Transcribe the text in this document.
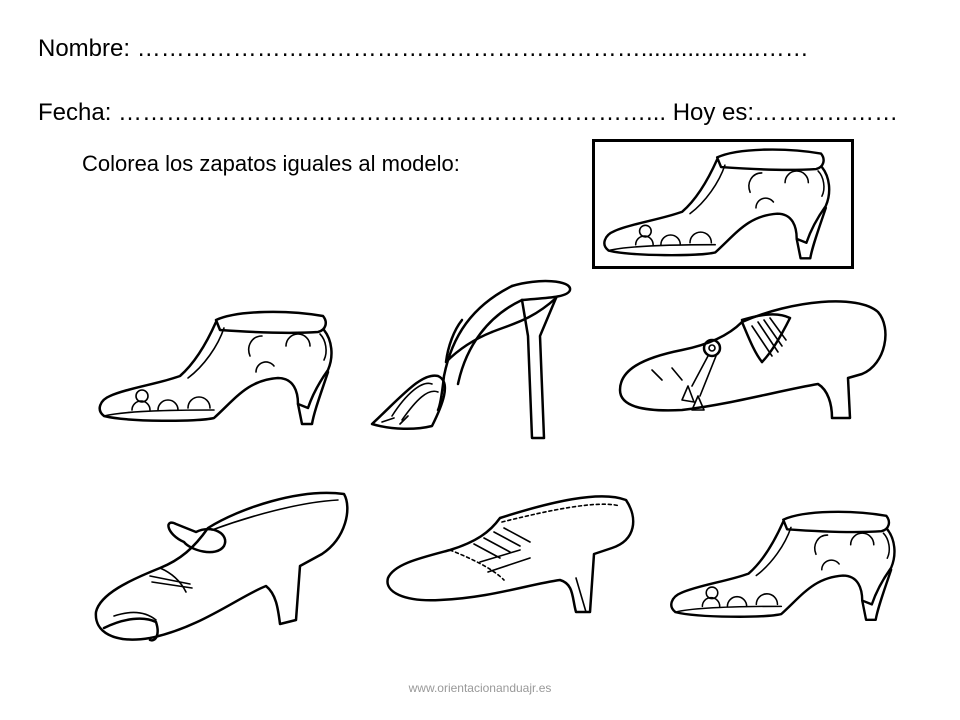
Nombre: ………………………………………………………..................……
Fecha: …………………………………………………………... Hoy es:………………
Colorea los zapatos iguales al modelo:
www.orientacionanduajr.es
